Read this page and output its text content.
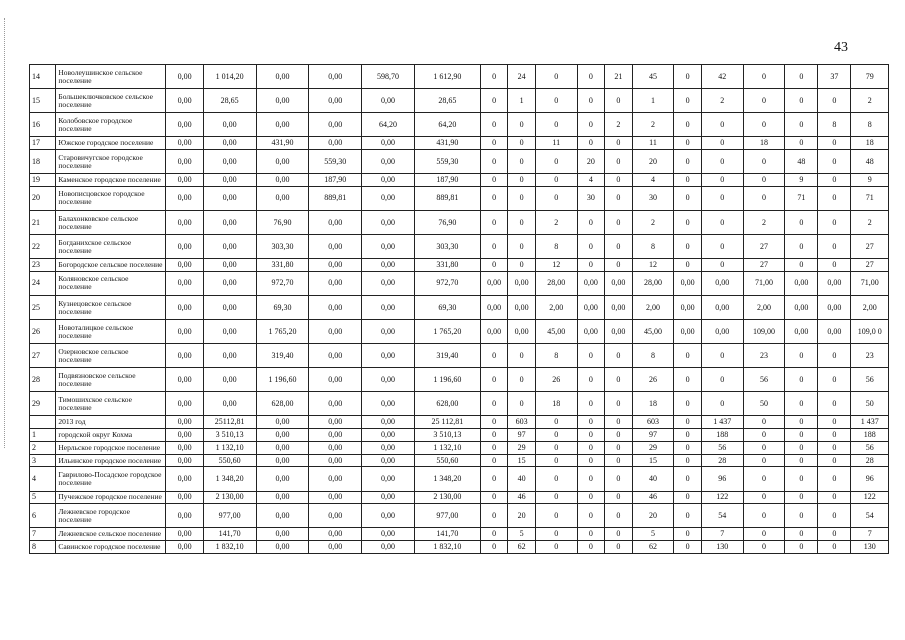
43
14	Новолеушинское сельское поселение	0,00	1 014,20	0,00	0,00	598,70	1 612,90	0	24	0	0	21	45	0	42	0	0	37	79
15	Большеключковское сельское поселение	0,00	28,65	0,00	0,00	0,00	28,65	0	1	0	0	0	1	0	2	0	0	0	2
16	Колобовское городское поселение	0,00	0,00	0,00	0,00	64,20	64,20	0	0	0	0	2	2	0	0	0	0	8	8
17	Южское городское поселение	0,00	0,00	431,90	0,00	0,00	431,90	0	0	11	0	0	11	0	0	18	0	0	18
18	Старовичугское городское поселение	0,00	0,00	0,00	559,30	0,00	559,30	0	0	0	20	0	20	0	0	0	48	0	48
19	Каменское городское поселение	0,00	0,00	0,00	187,90	0,00	187,90	0	0	0	4	0	4	0	0	0	9	0	9
20	Новописцовское городское поселение	0,00	0,00	0,00	889,81	0,00	889,81	0	0	0	30	0	30	0	0	0	71	0	71
21	Балахонковское сельское поселение	0,00	0,00	76,90	0,00	0,00	76,90	0	0	2	0	0	2	0	0	2	0	0	2
22	Богданихское сельское поселение	0,00	0,00	303,30	0,00	0,00	303,30	0	0	8	0	0	8	0	0	27	0	0	27
23	Богородское сельское поселение	0,00	0,00	331,80	0,00	0,00	331,80	0	0	12	0	0	12	0	0	27	0	0	27
24	Коляновское сельское поселение	0,00	0,00	972,70	0,00	0,00	972,70	0,00	0,00	28,00	0,00	0,00	28,00	0,00	0,00	71,00	0,00	0,00	71,00
25	Кузнецовское сельское поселение	0,00	0,00	69,30	0,00	0,00	69,30	0,00	0,00	2,00	0,00	0,00	2,00	0,00	0,00	2,00	0,00	0,00	2,00
26	Новоталицкое сельское поселение	0,00	0,00	1 765,20	0,00	0,00	1 765,20	0,00	0,00	45,00	0,00	0,00	45,00	0,00	0,00	109,00	0,00	0,00	109,0 0
27	Озерновское сельское поселение	0,00	0,00	319,40	0,00	0,00	319,40	0	0	8	0	0	8	0	0	23	0	0	23
28	Подвязновское сельское поселение	0,00	0,00	1 196,60	0,00	0,00	1 196,60	0	0	26	0	0	26	0	0	56	0	0	56
29	Тимошихское сельское поселение	0,00	0,00	628,00	0,00	0,00	628,00	0	0	18	0	0	18	0	0	50	0	0	50
	2013 год	0,00	25112,81	0,00	0,00	0,00	25 112,81	0	603	0	0	0	603	0	1 437	0	0	0	1 437
1	городской округ Кохма	0,00	3 510,13	0,00	0,00	0,00	3 510,13	0	97	0	0	0	97	0	188	0	0	0	188
2	Нерльское городское поселение	0,00	1 132,10	0,00	0,00	0,00	1 132,10	0	29	0	0	0	29	0	56	0	0	0	56
3	Ильинское городское поселение	0,00	550,60	0,00	0,00	0,00	550,60	0	15	0	0	0	15	0	28	0	0	0	28
4	Гаврилово-Посадское городское поселение	0,00	1 348,20	0,00	0,00	0,00	1 348,20	0	40	0	0	0	40	0	96	0	0	0	96
5	Пучежское городское поселение	0,00	2 130,00	0,00	0,00	0,00	2 130,00	0	46	0	0	0	46	0	122	0	0	0	122
6	Лежневское городское поселение	0,00	977,00	0,00	0,00	0,00	977,00	0	20	0	0	0	20	0	54	0	0	0	54
7	Лежневское сельское поселение	0,00	141,70	0,00	0,00	0,00	141,70	0	5	0	0	0	5	0	7	0	0	0	7
8	Савинское городское поселение	0,00	1 832,10	0,00	0,00	0,00	1 832,10	0	62	0	0	0	62	0	130	0	0	0	130
